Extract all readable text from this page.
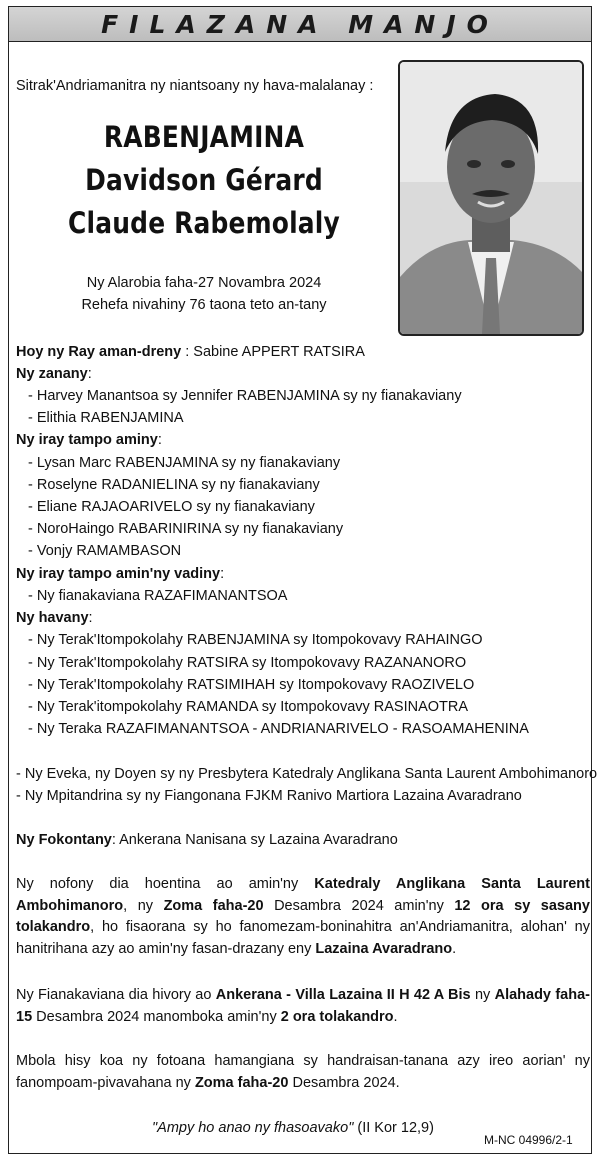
FILAZANA MANJO
Sitrak'Andriamanitra ny niantsoany ny hava-malalanay :
RABENJAMINA
Davidson Gérard
Claude Rabemolaly
Ny Alarobia faha-27 Novambra 2024
Rehefa nivahiny 76 taona teto an-tany
Hoy ny Ray aman-dreny : Sabine APPERT RATSIRA
Ny zanany:
- Harvey Manantsoa sy Jennifer RABENJAMINA sy ny fianakaviany
- Elithia RABENJAMINA
Ny iray tampo aminy:
- Lysan Marc RABENJAMINA sy ny fianakaviany
- Roselyne RADANIELINA sy ny fianakaviany
- Eliane RAJAOARIVELO sy ny fianakaviany
- NoroHaingo RABARINIRINA sy ny fianakaviany
- Vonjy RAMAMBASON
Ny iray tampo amin'ny vadiny:
- Ny fianakaviana RAZAFIMANANTSOA
Ny havany:
- Ny Terak'Itompokolahy RABENJAMINA sy Itompokovavy RAHAINGO
- Ny Terak'Itompokolahy RATSIRA sy Itompokovavy RAZANANORO
- Ny Terak'Itompokolahy RATSIMIHAH sy Itompokovavy RAOZIVELO
- Ny Terak'itompokolahy RAMANDA sy Itompokovavy RASINAOTRA
- Ny Teraka RAZAFIMANANTSOA - ANDRIANARIVELO - RASOAMAHENINA
- Ny Eveka, ny Doyen sy ny Presbytera Katedraly Anglikana Santa Laurent Ambohimanoro
- Ny Mpitandrina sy ny Fiangonana FJKM Ranivo Martiora Lazaina Avaradrano
Ny Fokontany: Ankerana Nanisana sy Lazaina Avaradrano

Ny nofony dia hoentina ao amin'ny Katedraly Anglikana Santa Laurent Ambohimanoro, ny Zoma faha-20 Desambra 2024 amin'ny 12 ora sy sasany tolakandro, ho fisaorana sy ho fanomezam-boninahitra an'Andriamanitra, alohan' ny hanitrihana azy ao amin'ny fasan-drazany eny Lazaina Avaradrano.

Ny Fianakaviana dia hivory ao Ankerana - Villa Lazaina II H 42 A Bis ny Alahady faha-15 Desambra 2024 manomboka amin'ny 2 ora tolakandro.

Mbola hisy koa ny fotoana hamangiana sy handraisan-tanana azy ireo aorian' ny fanompoam-pivavahana ny Zoma faha-20 Desambra 2024.

"Ampy ho anao ny fhasoavako" (II Kor 12,9)
M-NC 04996/2-1
